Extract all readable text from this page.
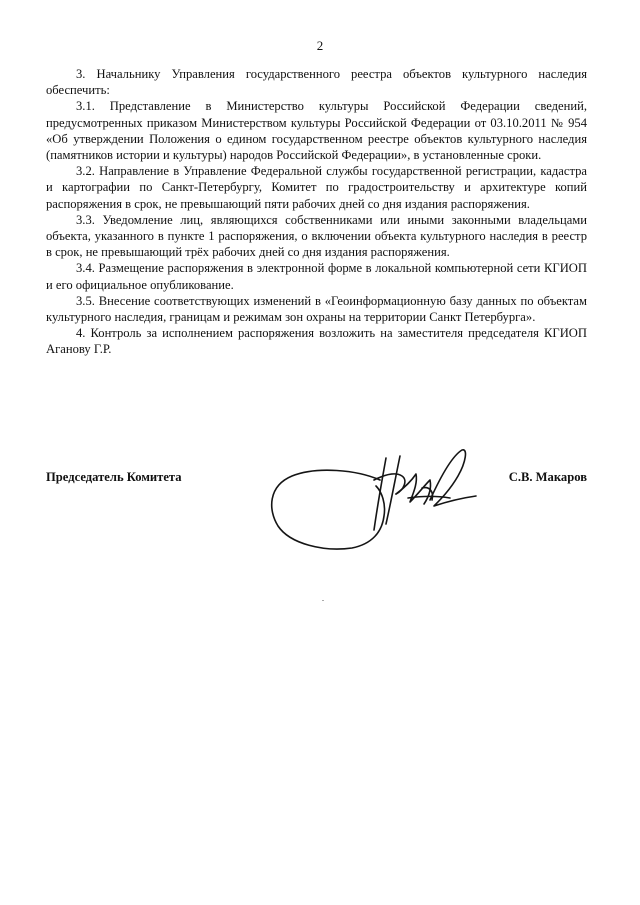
2

3. Начальнику Управления государственного реестра объектов культурного наследия обеспечить:

3.1. Представление в Министерство культуры Российской Федерации сведений, предусмотренных приказом Министерством культуры Российской Федерации от 03.10.2011 № 954 «Об утверждении Положения о едином государственном реестре объектов культурного наследия (памятников истории и культуры) народов Российской Федерации», в установленные сроки.

3.2. Направление в Управление Федеральной службы государственной регистрации, кадастра и картографии по Санкт-Петербургу, Комитет по градостроительству и архитектуре копий распоряжения в срок, не превышающий пяти рабочих дней со дня издания распоряжения.

3.3. Уведомление лиц, являющихся собственниками или иными законными владельцами объекта, указанного в пункте 1 распоряжения, о включении объекта культурного наследия в реестр в срок, не превышающий трёх рабочих дней со дня издания распоряжения.

3.4. Размещение распоряжения в электронной форме в локальной компьютерной сети КГИОП и его официальное опубликование.

3.5. Внесение соответствующих изменений в «Геоинформационную базу данных по объектам культурного наследия, границам и режимам зон охраны на территории Санкт Петербурга».

4. Контроль за исполнением распоряжения возложить на заместителя председателя КГИОП Аганову Г.Р.

Председатель Комитета	С.В. Макаров
